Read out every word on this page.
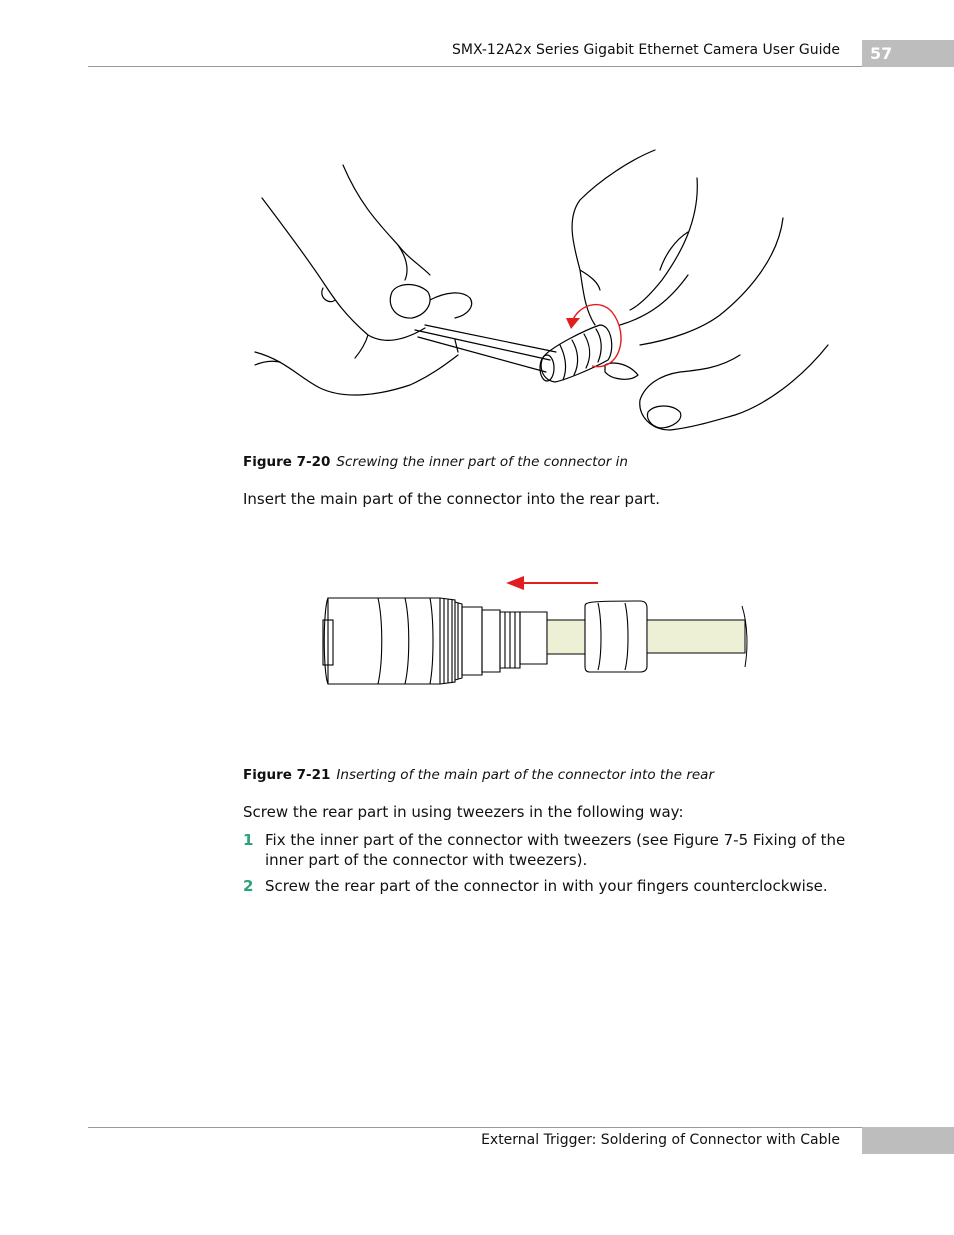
SMX-12A2x Series Gigabit Ethernet Camera User Guide	57
Figure 7-20 Screwing the inner part of the connector in
Insert the main part of the connector into the rear part.
Figure 7-21 Inserting of the main part of the connector into the rear
Screw the rear part in using tweezers in the following way:
1 Fix the inner part of the connector with tweezers (see Figure 7-5 Fixing of the inner part of the connector with tweezers).
2 Screw the rear part of the connector in with your fingers counterclockwise.
External Trigger: Soldering of Connector with Cable
